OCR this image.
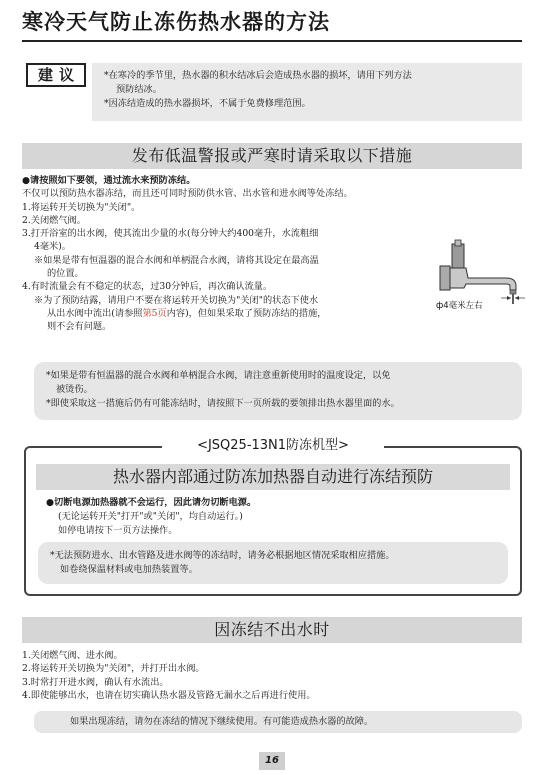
寒冷天气防止冻伤热水器的方法
建议	*在寒冷的季节里，热水器的积水结冰后会造成热水器的损坏，请用下列方法

预防结冰。

*因冻结造成的热水器损坏，不属于免费修理范围。

发布低温警报或严寒时请采取以下措施
●请按照如下要领，通过流水来预防冻结。
不仅可以预防热水器冻结，而且还可同时预防供水管、出水管和进水阀等处冻结。
1.将运转开关切换为"关闭"。
2.关闭燃气阀。
3.打开浴室的出水阀，使其流出少量的水(每分钟大约400毫升，水流粗细
4毫米)。
※如果是带有恒温器的混合水阀和单柄混合水阀，请将其设定在最高温
的位置。
4.有时流量会有不稳定的状态，过30分钟后，再次确认流量。
※为了预防结露，请用户不要在将运转开关切换为"关闭"的状态下使水
从出水阀中流出(请参照第5页内容)，但如果采取了预防冻结的措施，
则不会有问题。
ф4毫米左右
*如果是带有恒温器的混合水阀和单柄混合水阀，请注意重新使用时的温度设定，以免
被烫伤。
*即使采取这一措施后仍有可能冻结时，请按照下一页所载的要领排出热水器里面的水。
<JSQ25-13N1防冻机型>
热水器内部通过防冻加热器自动进行冻结预防
●切断电源加热器就不会运行，因此请勿切断电源。
(无论运转开关"打开"或"关闭"，均自动运行。)
如停电请按下一页方法操作。
*无法预防进水、出水管路及进水阀等的冻结时，请务必根据地区情况采取相应措施。
如卷绕保温材料或电加热装置等。
因冻结不出水时
1.关闭燃气阀、进水阀。
2.将运转开关切换为"关闭"，并打开出水阀。
3.时常打开进水阀，确认有水流出。
4.即使能够出水，也请在切实确认热水器及管路无漏水之后再进行使用。
如果出现冻结，请勿在冻结的情况下继续使用。有可能造成热水器的故障。
16
